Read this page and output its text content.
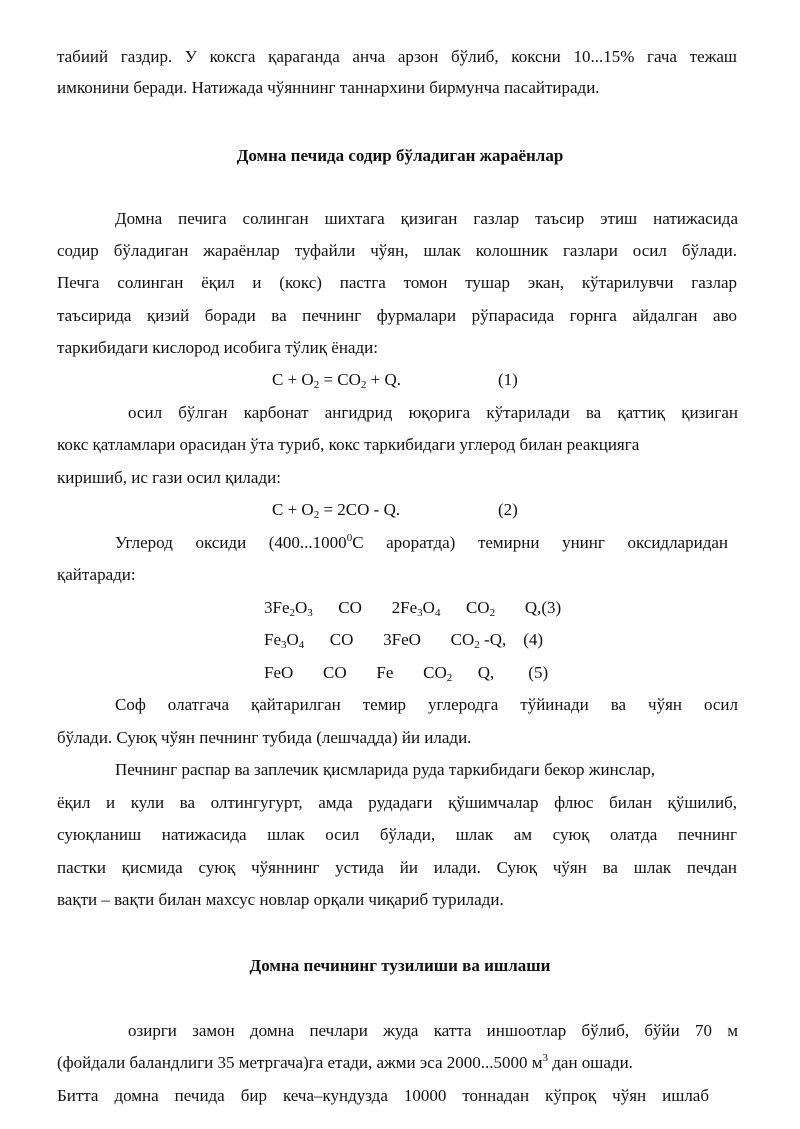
табиий газдир. У коксга қараганда анча арзон бўлиб, коксни 10...15% гача тежаш
имконини беради. Натижада чўяннинг таннархини бирмунча пасайтиради.
Домна печида содир бўладиган жараёнлар
Домна печига солинган шихтага қизиган газлар таъсир этиш натижасида
содир бўладиган жараёнлар туфайли чўян, шлак колошник газлари осил бўлади.
Печга солинган ёқил и (кокс) пастга томон тушар экан, кўтарилувчи газлар
таъсирида қизий боради ва печнинг фурмалари рўпарасида горнга айдалган аво
таркибидаги кислород исобига тўлиқ ёнади:
$C + O_2 = CO_2 + Q$.	(1)
осил бўлган карбонат ангидрид юқорига кўтарилади ва қаттиқ қизиган
кокс қатламлари орасидан ўта туриб, кокс таркибидаги углерод билан реакцияга
киришиб, ис гази осил қилади:
$C + O_2 = 2CO - Q$.	(2)
Углерод оксиди (400...1000$^0$С ароратда) темирни унинг оксидларидан
қайтаради:
$3Fe_2O_3$      CO       $2Fe_3O_4$      $CO_2$       Q,(3)
$Fe_3O_4$      CO       3FeO       $CO_2$ -Q,    (4)
FeO       CO       Fe       $CO_2$      Q,        (5)
Соф олатгача қайтарилган темир углеродга тўйинади ва чўян осил
бўлади. Суюқ чўян печнинг тубида (лешчадда) йи илади.
Печнинг распар ва заплечик қисмларида руда таркибидаги бекор жинслар,
ёқил и кули ва олтингугурт, амда рудадаги қўшимчалар флюс билан қўшилиб,
суюқланиш натижасида шлак осил бўлади, шлак ам суюқ олатда печнинг
пастки қисмида суюқ чўяннинг устида йи илади. Суюқ чўян ва шлак печдан
вақти – вақти билан махсус новлар орқали чиқариб турилади.
Домна печининг тузилиши ва ишлаши
озирги замон домна печлари жуда катта иншоотлар бўлиб, бўйи 70 м
(фойдали баландлиги 35 метргача)га етади, ажми эса 2000...5000 $м^3$ дан ошади.
Битта домна печида бир кеча–кундузда 10000 тоннадан кўпроқ чўян ишлаб
